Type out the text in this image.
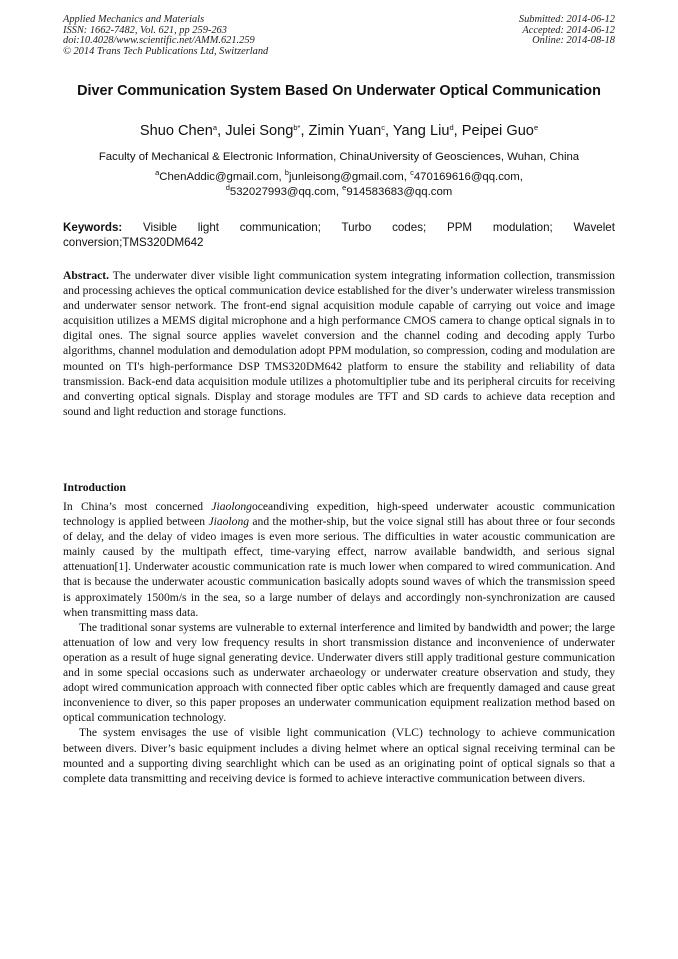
Applied Mechanics and Materials
ISSN: 1662-7482, Vol. 621, pp 259-263
doi:10.4028/www.scientific.net/AMM.621.259
© 2014 Trans Tech Publications Ltd, Switzerland
Submitted: 2014-06-12
Accepted: 2014-06-12
Online: 2014-08-18
Diver Communication System Based On Underwater Optical Communication
Shuo Chen$^a$, Julei Song$^{b*}$, Zimin Yuan$^c$, Yang Liu$^d$, Peipei Guo$^e$
Faculty of Mechanical & Electronic Information, ChinaUniversity of Geosciences, Wuhan, China
$^a$ChenAddic@gmail.com, $^b$junleisong@gmail.com, $^c$470169616@qq.com,
$^d$532027993@qq.com, $^e$914583683@qq.com
Keywords: Visible light communication; Turbo codes; PPM modulation; Wavelet conversion;TMS320DM642
Abstract. The underwater diver visible light communication system integrating information collection, transmission and processing achieves the optical communication device established for the diver’s underwater wireless transmission and underwater sensor network. The front-end signal acquisition module capable of carrying out voice and image acquisition utilizes a MEMS digital microphone and a high performance CMOS camera to change optical signals in to digital ones. The signal source applies wavelet conversion and the channel coding and decoding apply Turbo algorithms, channel modulation and demodulation adopt PPM modulation, so compression, coding and modulation are mounted on TI's high-performance DSP TMS320DM642 platform to ensure the stability and reliability of data transmission. Back-end data acquisition module utilizes a photomultiplier tube and its peripheral circuits for receiving and converting optical signals. Display and storage modules are TFT and SD cards to achieve data reception and sound and light reduction and storage functions.
Introduction

In China’s most concerned Jiaolongoceandiving expedition, high-speed underwater acoustic communication technology is applied between Jiaolong and the mother-ship, but the voice signal still has about three or four seconds of delay, and the delay of video images is even more serious. The difficulties in water acoustic communication are mainly caused by the multipath effect, time-varying effect, narrow available bandwidth, and serious signal attenuation[1]. Underwater acoustic communication rate is much lower when compared to wired communication. And that is because the underwater acoustic communication basically adopts sound waves of which the transmission speed is approximately 1500m/s in the sea, so a large number of delays and accordingly non-synchronization are caused when transmitting mass data.

The traditional sonar systems are vulnerable to external interference and limited by bandwidth and power; the large attenuation of low and very low frequency results in short transmission distance and inconvenience of underwater operation as a result of huge signal generating device. Underwater divers still apply traditional gesture communication and in some special occasions such as underwater archaeology or underwater creature observation and study, they adopt wired communication approach with connected fiber optic cables which are frequently damaged and cause great inconvenience to diver, so this paper proposes an underwater communication equipment realization method based on optical communication technology.

The system envisages the use of visible light communication (VLC) technology to achieve communication between divers. Diver’s basic equipment includes a diving helmet where an optical signal receiving terminal can be mounted and a supporting diving searchlight which can be used as an originating point of optical signals so that a complete data transmitting and receiving device is formed to achieve interactive communication between divers.
